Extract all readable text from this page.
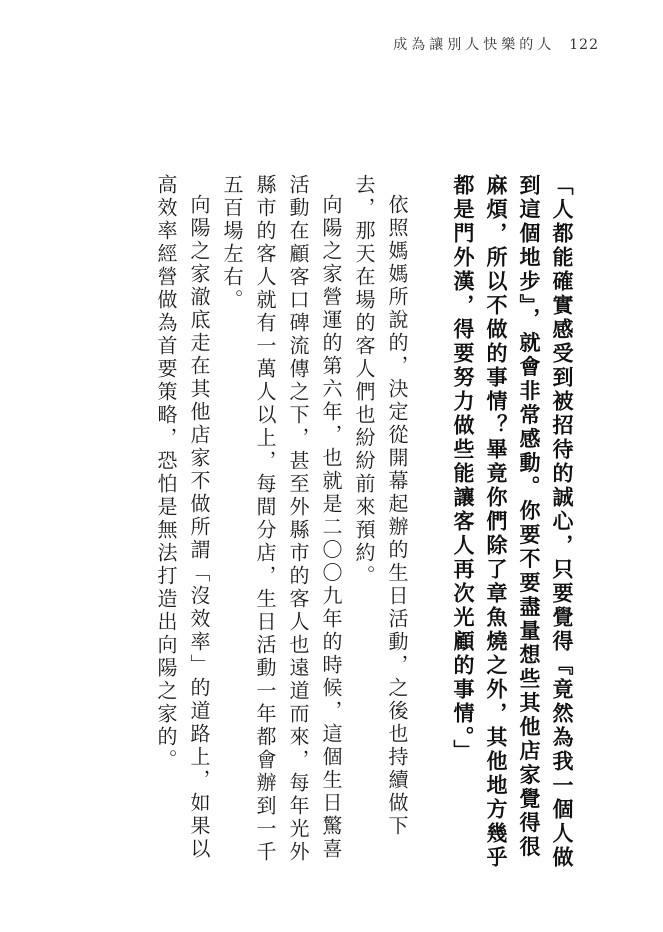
成為讓別人快樂的人 122

「人都能確實感受到被招待的誠心，只要覺得『竟然為我一個人做到這個地步』，就會非常感動。你要不要盡量想些其他店家覺得很麻煩，所以不做的事情？畢竟你們除了章魚燒之外，其他地方幾乎都是門外漢，得要努力做些能讓客人再次光顧的事情。」

依照媽媽所說的，決定從開幕起辦的生日活動，之後也持續做下去，那天在場的客人們也紛紛前來預約。

向陽之家營運的第六年，也就是二〇〇九年的時候，這個生日驚喜活動在顧客口碑流傳之下，甚至外縣市的客人也遠道而來，每年光外縣市的客人就有一萬人以上，每間分店，生日活動一年都會辦到一千五百場左右。

向陽之家澈底走在其他店家不做所謂「沒效率」的道路上，如果以高效率經營做為首要策略，恐怕是無法打造出向陽之家的。
